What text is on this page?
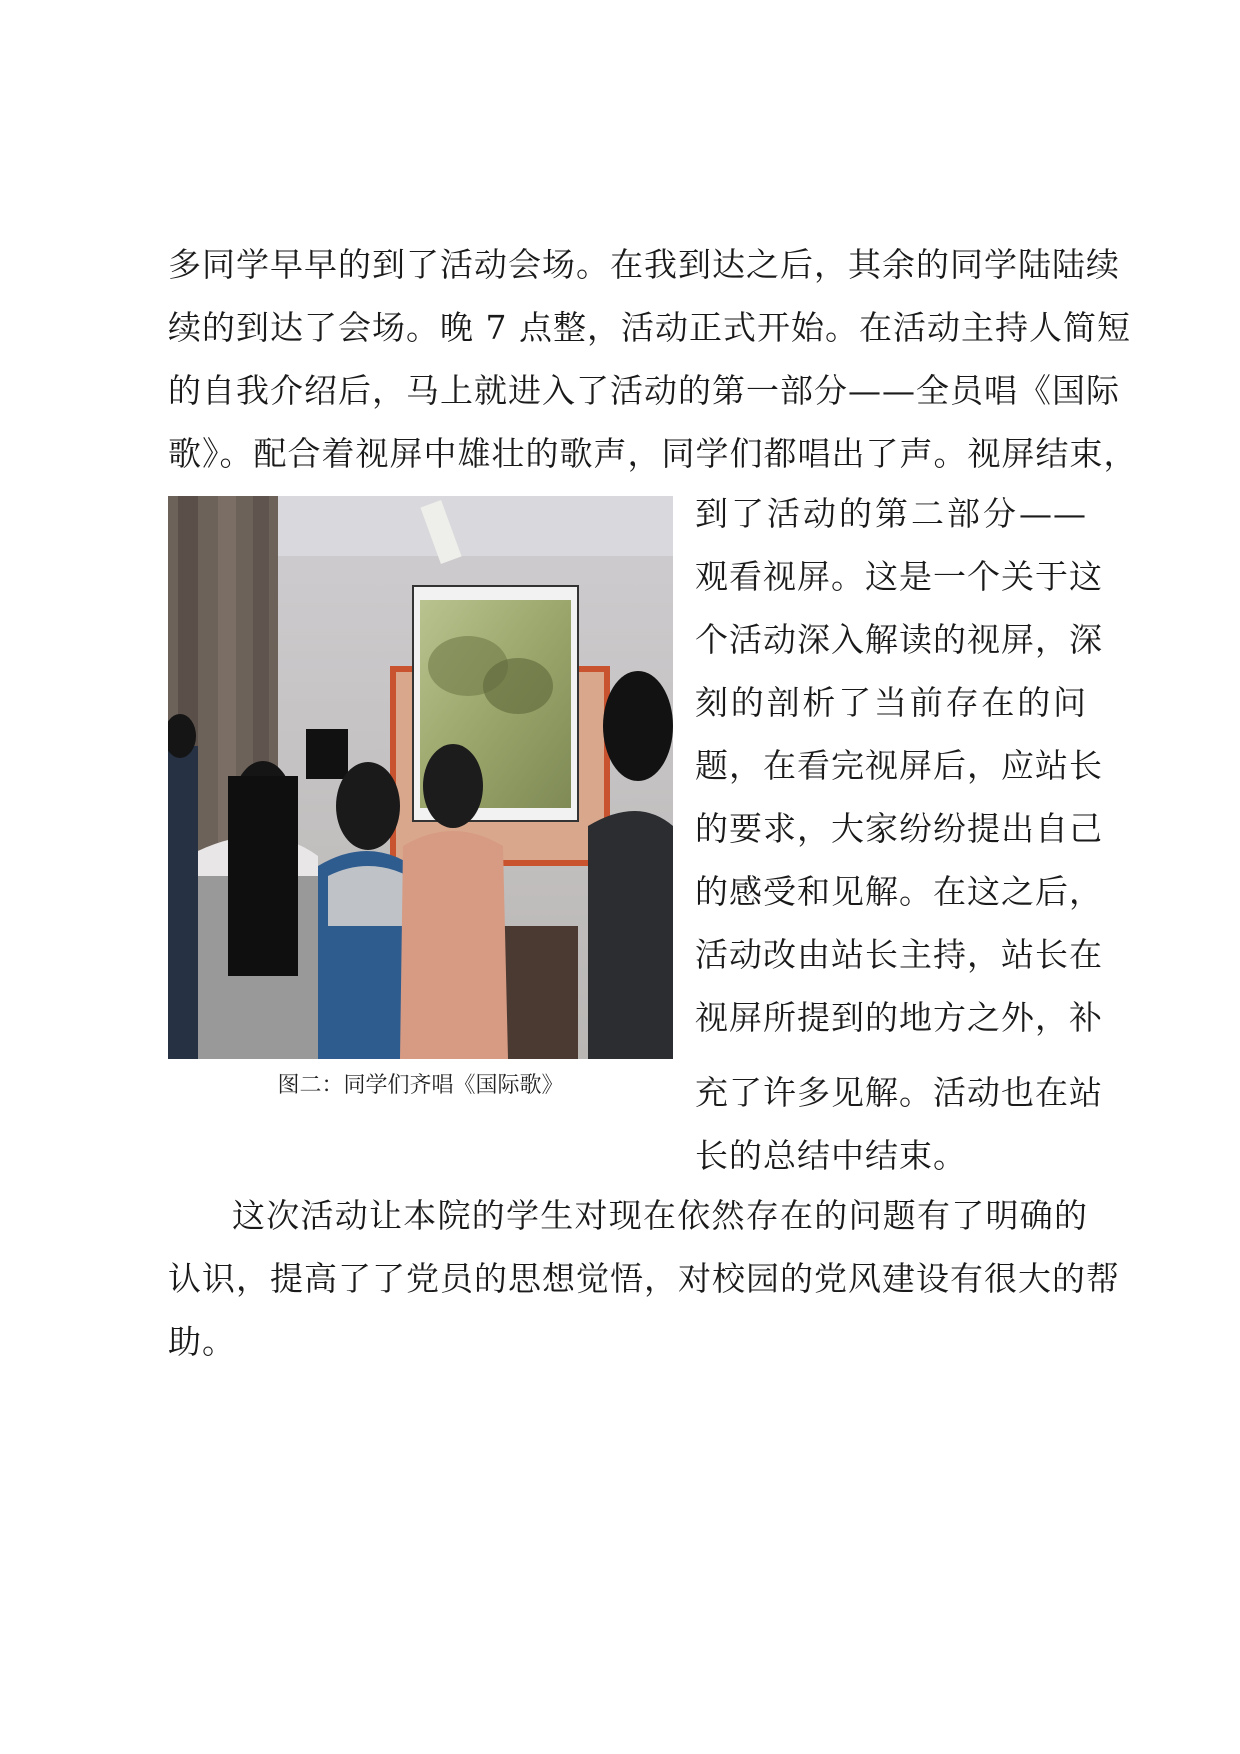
多同学早早的到了活动会场。在我到达之后，其余的同学陆陆续
续的到达了会场。晚 7 点整，活动正式开始。在活动主持人简短
的自我介绍后，马上就进入了活动的第一部分——全员唱《国际
歌》。配合着视屏中雄壮的歌声，同学们都唱出了声。视屏结束，
图二：同学们齐唱《国际歌》
到了活动的第二部分——
观看视屏。这是一个关于这
个活动深入解读的视屏，深
刻的剖析了当前存在的问
题，在看完视屏后，应站长
的要求，大家纷纷提出自己
的感受和见解。在这之后，
活动改由站长主持，站长在
视屏所提到的地方之外，补
充了许多见解。活动也在站
长的总结中结束。
这次活动让本院的学生对现在依然存在的问题有了明确的
认识，提高了了党员的思想觉悟，对校园的党风建设有很大的帮
助。
